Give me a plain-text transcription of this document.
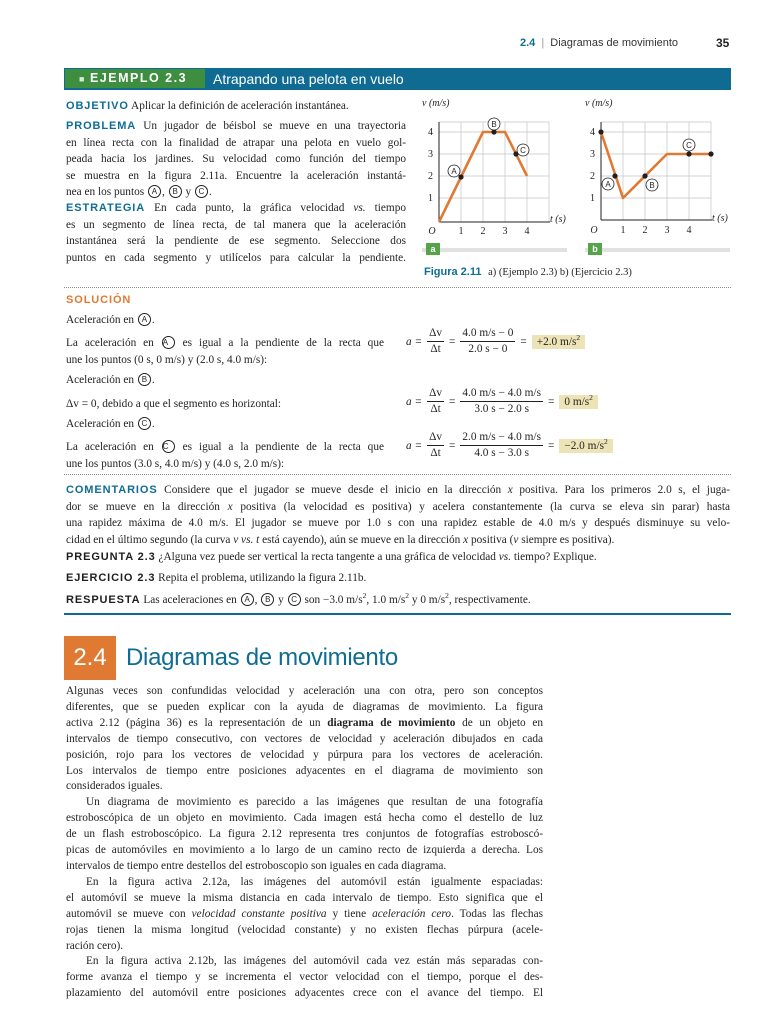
2.4 | Diagramas de movimiento	35
■ EJEMPLO 2.3	Atrapando una pelota en vuelo
OBJETIVO Aplicar la definición de aceleración instantánea.
PROBLEMA Un jugador de béisbol se mueve en una trayectoria
en línea recta con la finalidad de atrapar una pelota en vuelo gol-
peada hacia los jardines. Su velocidad como función del tiempo
se muestra en la figura 2.11a. Encuentre la aceleración instantá-
nea en los puntos A , B y C .
ESTRATEGIA En cada punto, la gráfica velocidad vs. tiempo
es un segmento de línea recta, de tal manera que la aceleración
instantánea será la pendiente de ese segmento. Seleccione dos
puntos en cada segmento y utilícelos para calcular la pendiente.
v (m/s)
1
2
3
4
O 1 2 3 4
t (s)
A
B
C
a
v (m/s)
1
2
3
4
O 1 2 3 4
t (s)
A	B
C
b
Figura 2.11 a) (Ejemplo 2.3) b) (Ejercicio 2.3)
SOLUCIÓN
Aceleración en A .
La aceleración en A es igual a la pendiente de la recta que
une los puntos (0 s, 0 m/s) y (2.0 s, 4.0 m/s):
$a = \frac{\Delta v}{\Delta t} = \frac{4.0 m/s - 0}{2.0 s - 0} = +2.0$ $m/s^2$
Aceleración en B .
Δv = 0, debido a que el segmento es horizontal:	$a = \frac{\Delta v}{\Delta t} = \frac{4.0 m/s - 4.0 m/s}{3.0 s - 2.0 s} = 0$ $m/s^2$
Aceleración en C .
La aceleración en C es igual a la pendiente de la recta que
une los puntos (3.0 s, 4.0 m/s) y (4.0 s, 2.0 m/s):
$a = \frac{\Delta v}{\Delta t} = \frac{2.0 m/s - 4.0 m/s}{4.0 s - 3.0 s} = -2.0$ $m/s^2$
COMENTARIOS Considere que el jugador se mueve desde el inicio en la dirección x positiva. Para los primeros 2.0 s, el juga-
dor se mueve en la dirección x positiva (la velocidad es positiva) y acelera constantemente (la curva se eleva sin parar) hasta
una rapidez máxima de 4.0 m/s. El jugador se mueve por 1.0 s con una rapidez estable de 4.0 m/s y después disminuye su velo-
cidad en el último segundo (la curva v vs. t está cayendo), aún se mueve en la dirección x positiva (v siempre es positiva).
PREGUNTA 2.3 ¿Alguna vez puede ser vertical la recta tangente a una gráfica de velocidad vs. tiempo? Explique.
EJERCICIO 2.3 Repita el problema, utilizando la figura 2.11b.
RESPUESTA Las aceleraciones en A , B y C son −3.0 $m/s^2$, 1.0 $m/s^2$ y 0 $m/s^2$, respectivamente.
2.4 Diagramas de movimiento
Algunas veces son confundidas velocidad y aceleración una con otra, pero son conceptos
diferentes, que se pueden explicar con la ayuda de diagramas de movimiento. La figura
activa 2.12 (página 36) es la representación de un diagrama de movimiento de un objeto en
intervalos de tiempo consecutivo, con vectores de velocidad y aceleración dibujados en cada
posición, rojo para los vectores de velocidad y púrpura para los vectores de aceleración.
Los intervalos de tiempo entre posiciones adyacentes en el diagrama de movimiento son
considerados iguales.
Un diagrama de movimiento es parecido a las imágenes que resultan de una fotografía
estroboscópica de un objeto en movimiento. Cada imagen está hecha como el destello de luz
de un flash estroboscópico. La figura 2.12 representa tres conjuntos de fotografías estroboscó-
picas de automóviles en movimiento a lo largo de un camino recto de izquierda a derecha. Los
intervalos de tiempo entre destellos del estroboscopio son iguales en cada diagrama.
En la figura activa 2.12a, las imágenes del automóvil están igualmente espaciadas:
el automóvil se mueve la misma distancia en cada intervalo de tiempo. Esto significa que el
automóvil se mueve con velocidad constante positiva y tiene aceleración cero. Todas las flechas
rojas tienen la misma longitud (velocidad constante) y no existen flechas púrpura (acele-
ración cero).
En la figura activa 2.12b, las imágenes del automóvil cada vez están más separadas con-
forme avanza el tiempo y se incrementa el vector velocidad con el tiempo, porque el des-
plazamiento del automóvil entre posiciones adyacentes crece con el avance del tiempo. El
